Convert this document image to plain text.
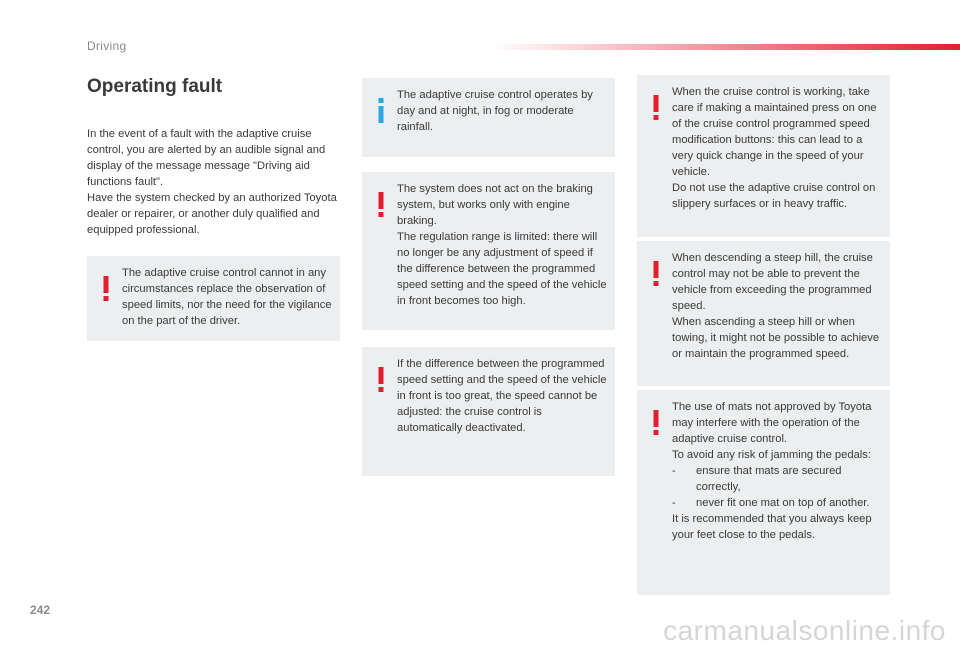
Driving
Operating fault

In the event of a fault with the adaptive cruise control, you are alerted by an audible signal and display of the message message "Driving aid functions fault".

Have the system checked by an authorized Toyota dealer or repairer, or another duly qualified and equipped professional.

The adaptive cruise control cannot in any circumstances replace the observation of speed limits, nor the need for the vigilance on the part of the driver.

The adaptive cruise control operates by day and at night, in fog or moderate rainfall.

The system does not act on the braking system, but works only with engine braking.

The regulation range is limited: there will no longer be any adjustment of speed if the difference between the programmed speed setting and the speed of the vehicle in front becomes too high.

If the difference between the programmed speed setting and the speed of the vehicle in front is too great, the speed cannot be adjusted: the cruise control is automatically deactivated.

When the cruise control is working, take care if making a maintained press on one of the cruise control programmed speed modification buttons: this can lead to a very quick change in the speed of your vehicle.

Do not use the adaptive cruise control on slippery surfaces or in heavy traffic.

When descending a steep hill, the cruise control may not be able to prevent the vehicle from exceeding the programmed speed.

When ascending a steep hill or when towing, it might not be possible to achieve or maintain the programmed speed.

The use of mats not approved by Toyota may interfere with the operation of the adaptive cruise control.

To avoid any risk of jamming the pedals:

-	ensure that mats are secured correctly,
-	never fit one mat on top of another.

It is recommended that you always keep your feet close to the pedals.

242
carmanualsonline.info
